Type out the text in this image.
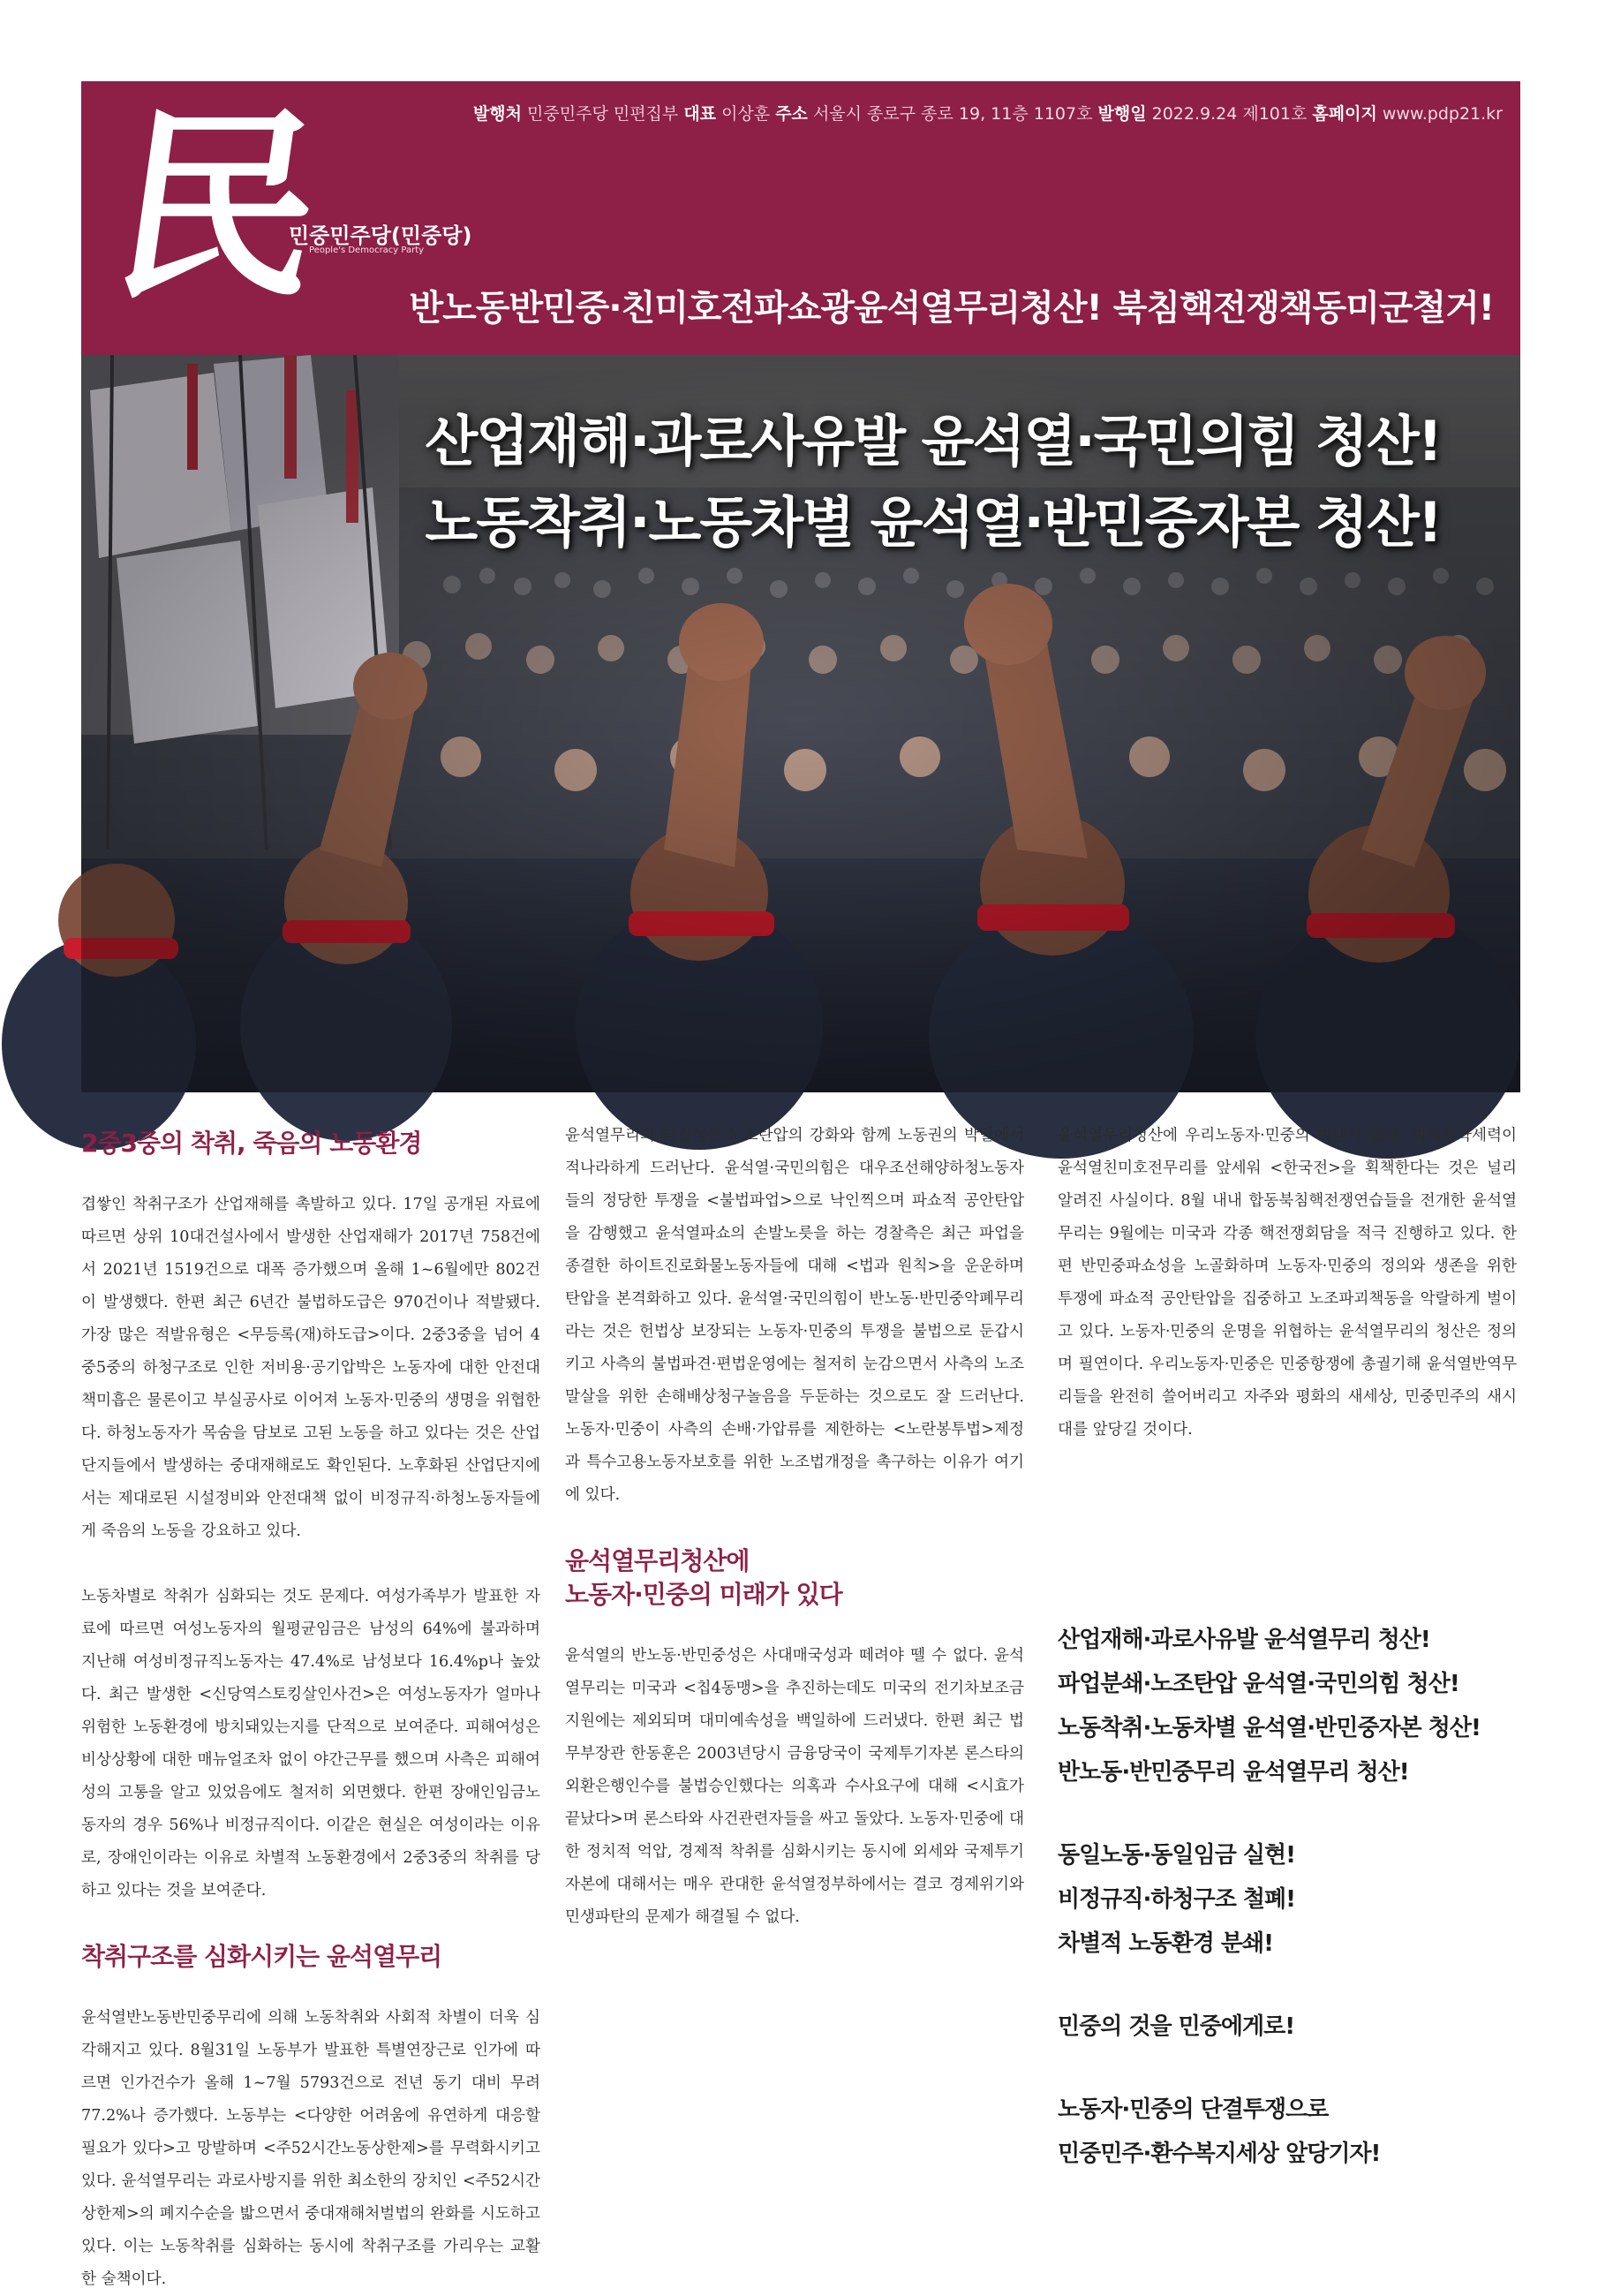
民
민중민주당(민중당)
People's Democracy Party
발행처 민중민주당 민편집부 대표 이상훈 주소 서울시 종로구 종로 19, 11층 1107호 발행일 2022.9.24 제101호 홈페이지 www.pdp21.kr
반노동반민중·친미호전파쇼광윤석열무리청산! 북침핵전쟁책동미군철거!
산업재해·과로사유발 윤석열·국민의힘 청산!
노동착취·노동차별 윤석열·반민중자본 청산!
2중3중의 착취, 죽음의 노동환경

겹쌓인 착취구조가 산업재해를 촉발하고 있다. 17일 공개된 자료에 따르면 상위 10대건설사에서 발생한 산업재해가 2017년 758건에서 2021년 1519건으로 대폭 증가했으며 올해 1~6월에만 802건이 발생했다. 한편 최근 6년간 불법하도급은 970건이나 적발됐다. 가장 많은 적발유형은 <무등록(재)하도급>이다. 2중3중을 넘어 4중5중의 하청구조로 인한 저비용·공기압박은 노동자에 대한 안전대책미흡은 물론이고 부실공사로 이어져 노동자·민중의 생명을 위협한다. 하청노동자가 목숨을 담보로 고된 노동을 하고 있다는 것은 산업단지들에서 발생하는 중대재해로도 확인된다. 노후화된 산업단지에서는 제대로된 시설정비와 안전대책 없이 비정규직·하청노동자들에게 죽음의 노동을 강요하고 있다.

노동차별로 착취가 심화되는 것도 문제다. 여성가족부가 발표한 자료에 따르면 여성노동자의 월평균임금은 남성의 64%에 불과하며 지난해 여성비정규직노동자는 47.4%로 남성보다 16.4%p나 높았다. 최근 발생한 <신당역스토킹살인사건>은 여성노동자가 얼마나 위험한 노동환경에 방치돼있는지를 단적으로 보여준다. 피해여성은 비상상황에 대한 매뉴얼조차 없이 야간근무를 했으며 사측은 피해여성의 고통을 알고 있었음에도 철저히 외면했다. 한편 장애인임금노동자의 경우 56%나 비정규직이다. 이같은 현실은 여성이라는 이유로, 장애인이라는 이유로 차별적 노동환경에서 2중3중의 착취를 당하고 있다는 것을 보여준다.

착취구조를 심화시키는 윤석열무리

윤석열반노동반민중무리에 의해 노동착취와 사회적 차별이 더욱 심각해지고 있다. 8월31일 노동부가 발표한 특별연장근로 인가에 따르면 인가건수가 올해 1~7월 5793건으로 전년 동기 대비 무려 77.2%나 증가했다. 노동부는 <다양한 어려움에 유연하게 대응할 필요가 있다>고 망발하며 <주52시간노동상한제>를 무력화시키고 있다. 윤석열무리는 과로사방지를 위한 최소한의 장치인 <주52시간상한제>의 폐지수순을 밟으면서 중대재해처벌법의 완화를 시도하고 있다. 이는 노동착취를 심화하는 동시에 착취구조를 가리우는 교활한 술책이다.

윤석열무리의 악질성은 노조탄압의 강화와 함께 노동권의 박탈에서 적나라하게 드러난다. 윤석열·국민의힘은 대우조선해양하청노동자들의 정당한 투쟁을 <불법파업>으로 낙인찍으며 파쇼적 공안탄압을 감행했고 윤석열파쇼의 손발노릇을 하는 경찰측은 최근 파업을 종결한 하이트진로화물노동자들에 대해 <법과 원칙>을 운운하며 탄압을 본격화하고 있다. 윤석열·국민의힘이 반노동·반민중악폐무리라는 것은 헌법상 보장되는 노동자·민중의 투쟁을 불법으로 둔갑시키고 사측의 불법파견·편법운영에는 철저히 눈감으면서 사측의 노조말살을 위한 손해배상청구놀음을 두둔하는 것으로도 잘 드러난다. 노동자·민중이 사측의 손배·가압류를 제한하는 <노란봉투법>제정과 특수고용노동자보호를 위한 노조법개정을 촉구하는 이유가 여기에 있다.

윤석열무리청산에
노동자·민중의 미래가 있다

윤석열의 반노동·반민중성은 사대매국성과 떼려야 뗄 수 없다. 윤석열무리는 미국과 <칩4동맹>을 추진하는데도 미국의 전기차보조금지원에는 제외되며 대미예속성을 백일하에 드러냈다. 한편 최근 법무부장관 한동훈은 2003년당시 금융당국이 국제투기자본 론스타의 외환은행인수를 불법승인했다는 의혹과 수사요구에 대해 <시효가 끝났다>며 론스타와 사건관련자들을 싸고 돌았다. 노동자·민중에 대한 정치적 억압, 경제적 착취를 심화시키는 동시에 외세와 국제투기자본에 대해서는 매우 관대한 윤석열정부하에서는 결코 경제위기와 민생파탄의 문제가 해결될 수 없다.

윤석열무리청산에 우리노동자·민중의 미래가 있다. 미제침략세력이 윤석열친미호전무리를 앞세워 <한국전>을 획책한다는 것은 널리 알려진 사실이다. 8월 내내 합동북침핵전쟁연습들을 전개한 윤석열무리는 9월에는 미국과 각종 핵전쟁회담을 적극 진행하고 있다. 한편 반민중파쇼성을 노골화하며 노동자·민중의 정의와 생존을 위한 투쟁에 파쇼적 공안탄압을 집중하고 노조파괴책동을 악랄하게 벌이고 있다. 노동자·민중의 운명을 위협하는 윤석열무리의 청산은 정의며 필연이다. 우리노동자·민중은 민중항쟁에 총궐기해 윤석열반역무리들을 완전히 쓸어버리고 자주와 평화의 새세상, 민중민주의 새시대를 앞당길 것이다.

산업재해·과로사유발 윤석열무리 청산!
파업분쇄·노조탄압 윤석열·국민의힘 청산!
노동착취·노동차별 윤석열·반민중자본 청산!
반노동·반민중무리 윤석열무리 청산!
동일노동·동일임금 실현!
비정규직·하청구조 철폐!
차별적 노동환경 분쇄!
민중의 것을 민중에게로!
노동자·민중의 단결투쟁으로
민중민주·환수복지세상 앞당기자!
